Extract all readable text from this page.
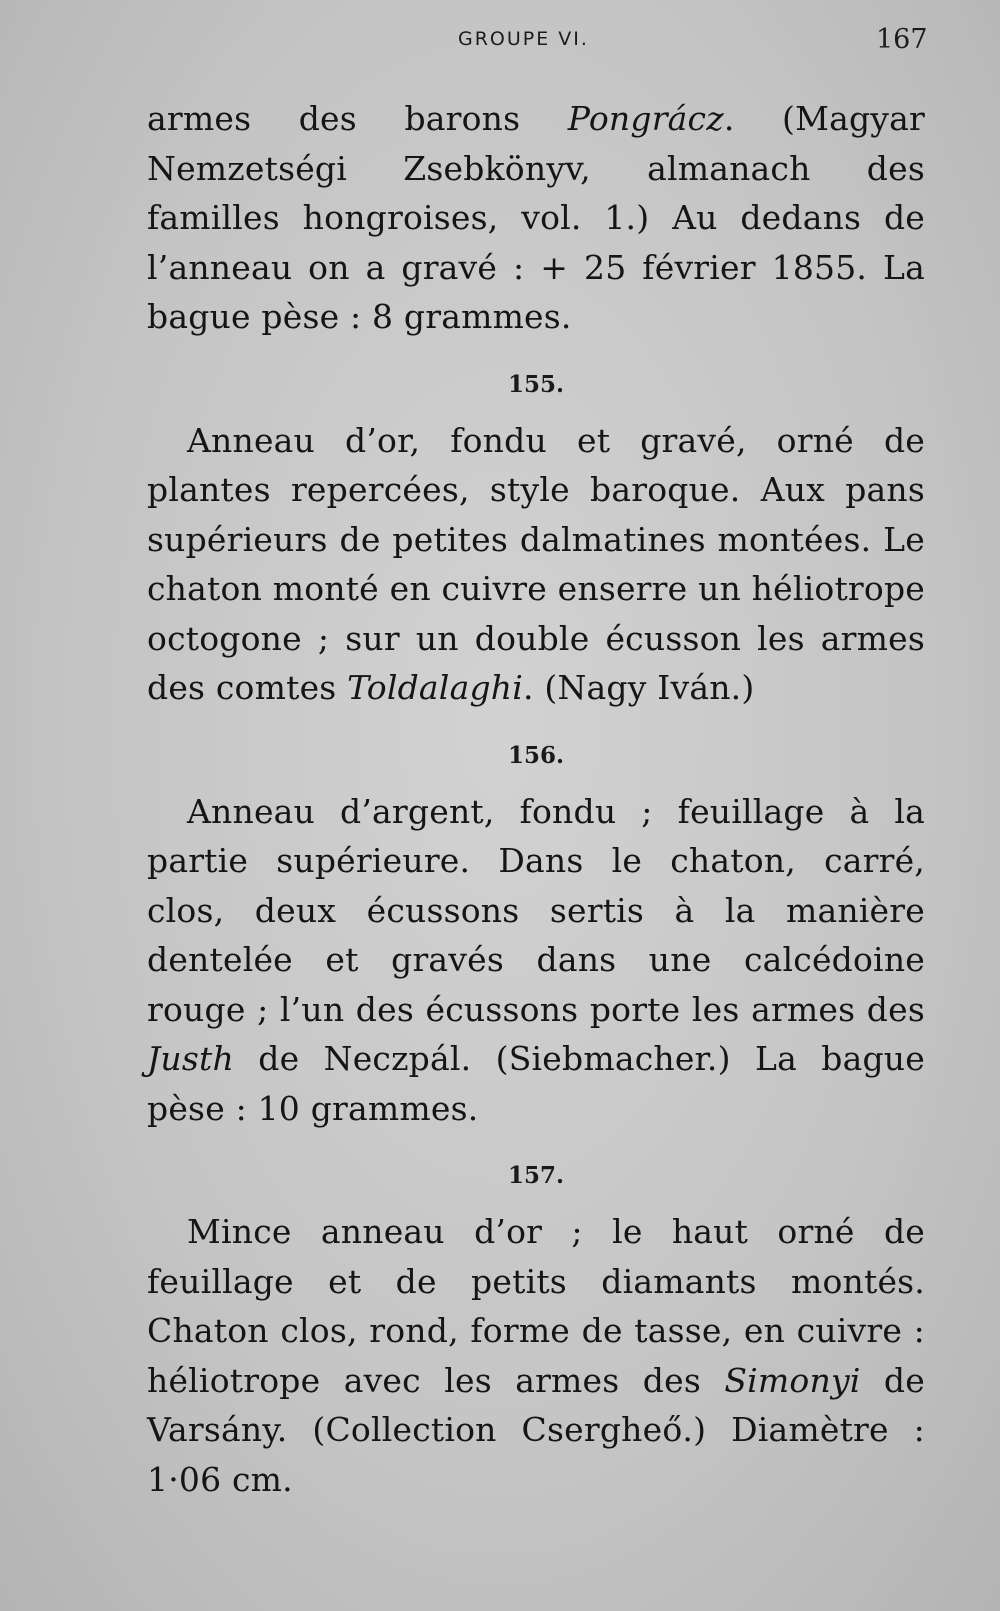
GROUPE VI.	167

armes des barons Pongrácz. (Magyar Nemzetségi Zsebkönyv, almanach des familles hongroises, vol. 1.) Au dedans de l’anneau on a gravé : + 25 février 1855. La bague pèse : 8 grammes.

155.

Anneau d’or, fondu et gravé, orné de plantes repercées, style baroque. Aux pans supérieurs de petites dalmatines montées. Le chaton monté en cuivre enserre un héliotrope octogone ; sur un double écusson les armes des comtes Toldalaghi. (Nagy Iván.)

156.

Anneau d’argent, fondu ; feuillage à la partie supérieure. Dans le chaton, carré, clos, deux écussons sertis à la manière dentelée et gravés dans une calcédoine rouge ; l’un des écussons porte les armes des Justh de Neczpál. (Siebmacher.) La bague pèse : 10 grammes.

157.

Mince anneau d’or ; le haut orné de feuillage et de petits diamants montés. Chaton clos, rond, forme de tasse, en cuivre : héliotrope avec les armes des Simonyi de Varsány. (Collection Cserghеő.) Diamètre : 1·06 cm.
